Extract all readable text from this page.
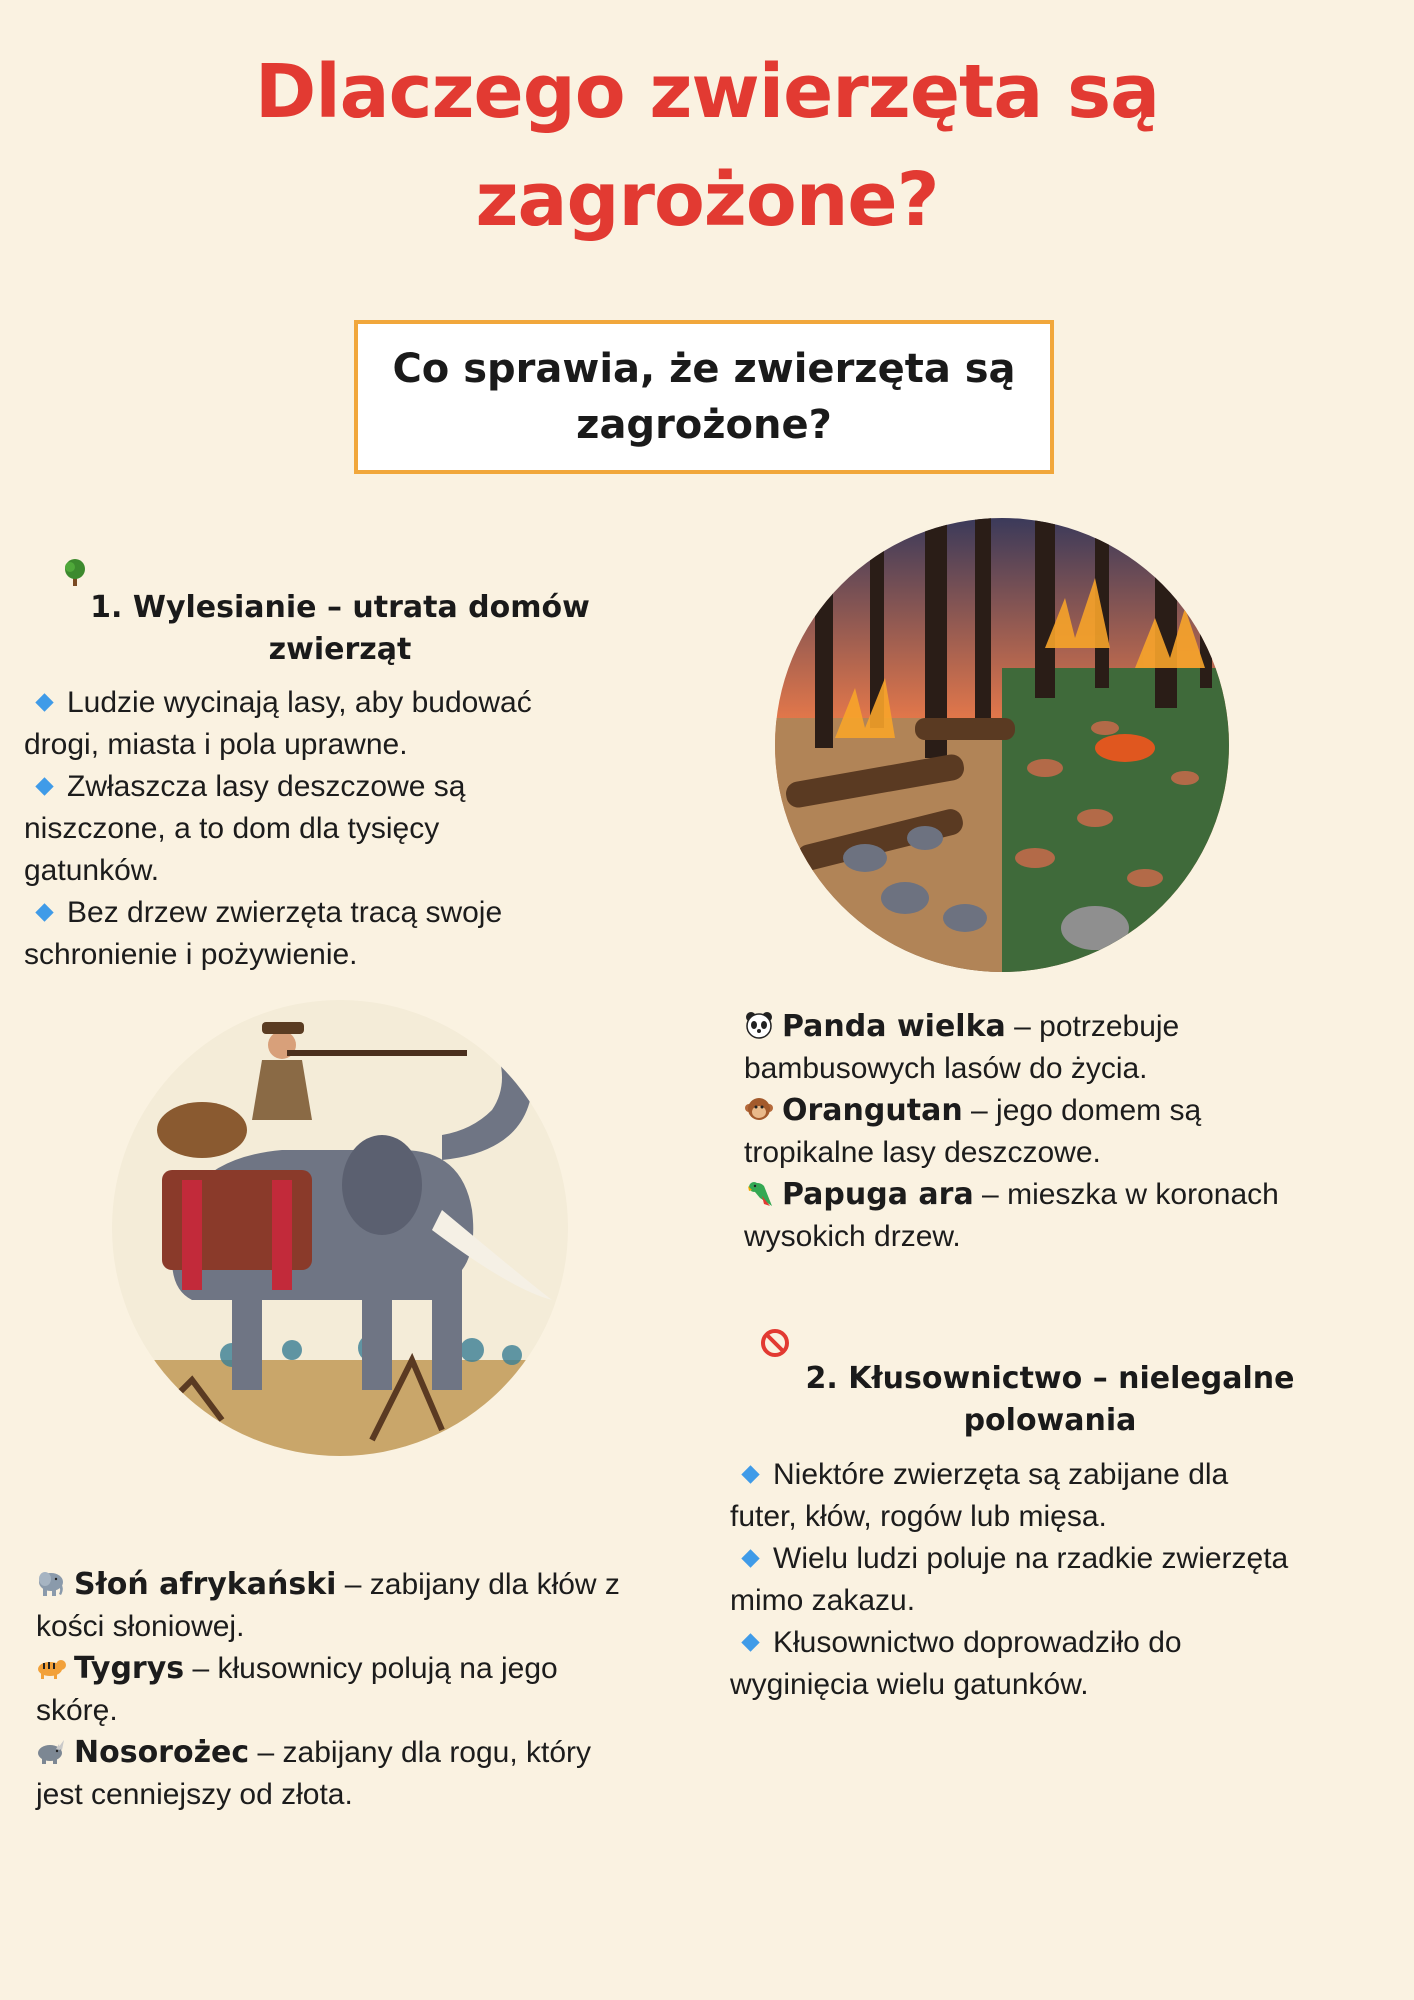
Dlaczego zwierzęta są
zagrożone?
Co sprawia, że zwierzęta są
zagrożone?
1. Wylesianie – utrata domów
zwierząt
Ludzie wycinają lasy, aby budować
drogi, miasta i pola uprawne.
Zwłaszcza lasy deszczowe są
niszczone, a to dom dla tysięcy
gatunków.
Bez drzew zwierzęta tracą swoje
schronienie i pożywienie.
Panda wielka – potrzebuje
bambusowych lasów do życia.
Orangutan – jego domem są
tropikalne lasy deszczowe.
Papuga ara – mieszka w koronach
wysokich drzew.
2. Kłusownictwo – nielegalne
polowania
Niektóre zwierzęta są zabijane dla
futer, kłów, rogów lub mięsa.
Wielu ludzi poluje na rzadkie zwierzęta
mimo zakazu.
Kłusownictwo doprowadziło do
wyginięcia wielu gatunków.
Słoń afrykański – zabijany dla kłów z
kości słoniowej.
Tygrys – kłusownicy polują na jego
skórę.
Nosorożec – zabijany dla rogu, który
jest cenniejszy od złota.
